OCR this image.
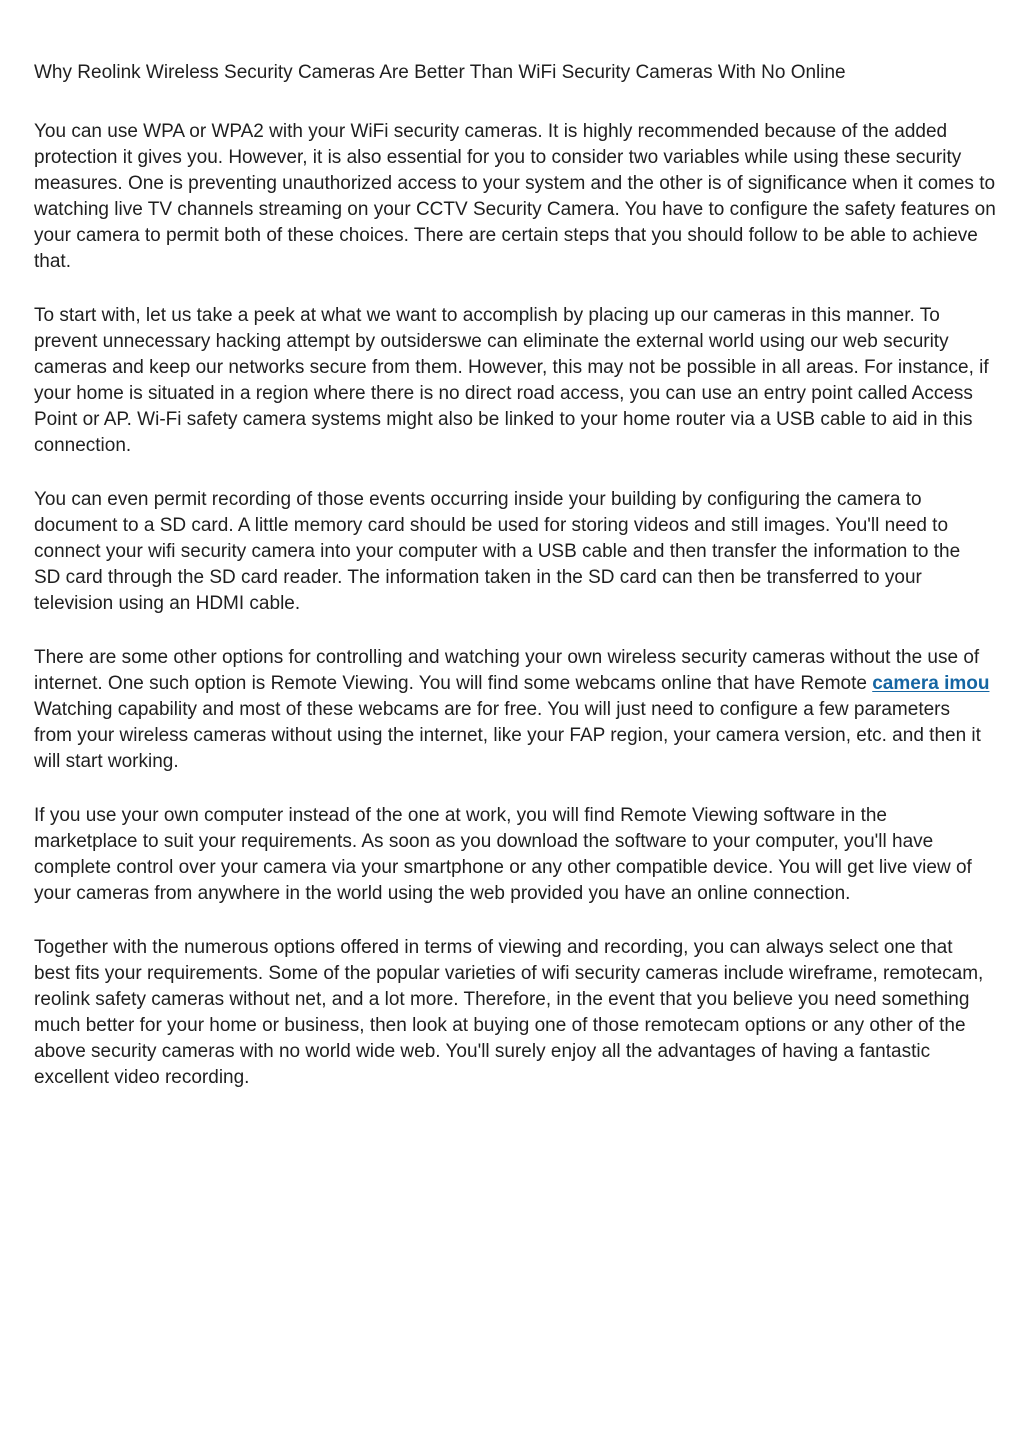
Why Reolink Wireless Security Cameras Are Better Than WiFi Security Cameras With No Online

You can use WPA or WPA2 with your WiFi security cameras. It is highly recommended because of the added
protection it gives you. However, it is also essential for you to consider two variables while using these security
measures. One is preventing unauthorized access to your system and the other is of significance when it comes to
watching live TV channels streaming on your CCTV Security Camera. You have to configure the safety features on
your camera to permit both of these choices. There are certain steps that you should follow to be able to achieve
that.

To start with, let us take a peek at what we want to accomplish by placing up our cameras in this manner. To
prevent unnecessary hacking attempt by outsiderswe can eliminate the external world using our web security
cameras and keep our networks secure from them. However, this may not be possible in all areas. For instance, if
your home is situated in a region where there is no direct road access, you can use an entry point called Access
Point or AP. Wi-Fi safety camera systems might also be linked to your home router via a USB cable to aid in this
connection.

You can even permit recording of those events occurring inside your building by configuring the camera to
document to a SD card. A little memory card should be used for storing videos and still images. You'll need to
connect your wifi security camera into your computer with a USB cable and then transfer the information to the
SD card through the SD card reader. The information taken in the SD card can then be transferred to your
television using an HDMI cable.

There are some other options for controlling and watching your own wireless security cameras without the use of
internet. One such option is Remote Viewing. You will find some webcams online that have Remote camera imou
Watching capability and most of these webcams are for free. You will just need to configure a few parameters
from your wireless cameras without using the internet, like your FAP region, your camera version, etc. and then it
will start working.

If you use your own computer instead of the one at work, you will find Remote Viewing software in the
marketplace to suit your requirements. As soon as you download the software to your computer, you'll have
complete control over your camera via your smartphone or any other compatible device. You will get live view of
your cameras from anywhere in the world using the web provided you have an online connection.

Together with the numerous options offered in terms of viewing and recording, you can always select one that
best fits your requirements. Some of the popular varieties of wifi security cameras include wireframe, remotecam,
reolink safety cameras without net, and a lot more. Therefore, in the event that you believe you need something
much better for your home or business, then look at buying one of those remotecam options or any other of the
above security cameras with no world wide web. You'll surely enjoy all the advantages of having a fantastic
excellent video recording.
